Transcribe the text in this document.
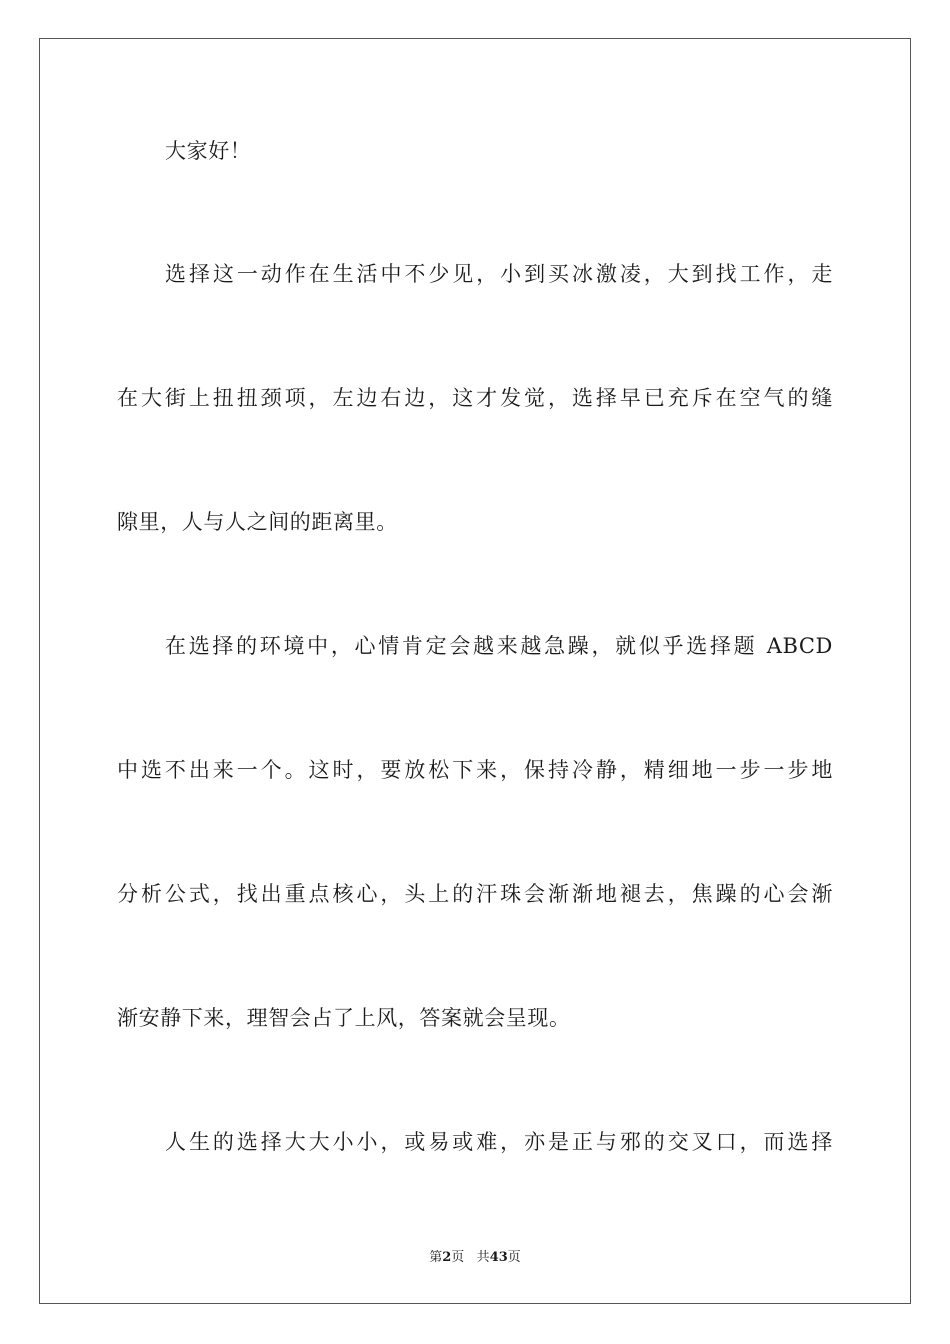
大家好！
选择这一动作在生活中不少见，小到买冰激凌，大到找工作，走
在大街上扭扭颈项，左边右边，这才发觉，选择早已充斥在空气的缝
隙里，人与人之间的距离里。
在选择的环境中，心情肯定会越来越急躁，就似乎选择题 ABCD
中选不出来一个。这时，要放松下来，保持冷静，精细地一步一步地
分析公式，找出重点核心，头上的汗珠会渐渐地褪去，焦躁的心会渐
渐安静下来，理智会占了上风，答案就会呈现。
人生的选择大大小小，或易或难，亦是正与邪的交叉口，而选择
第2页 共43页
